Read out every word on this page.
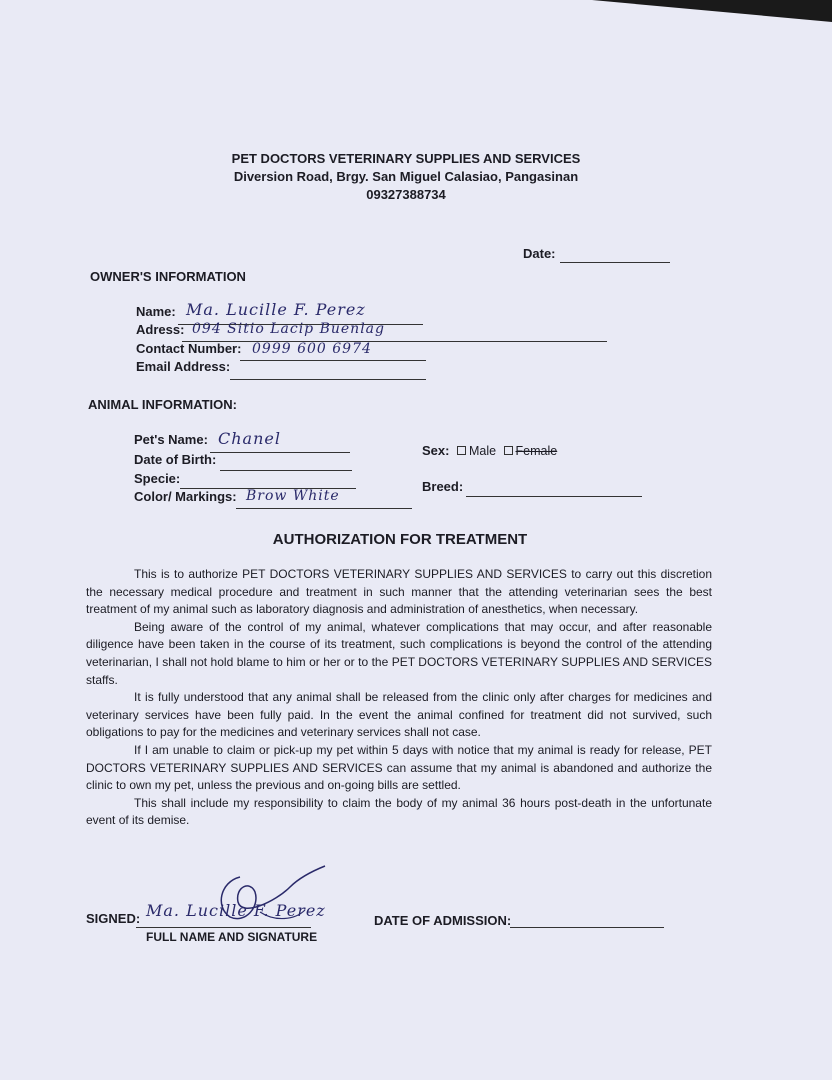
PET DOCTORS VETERINARY SUPPLIES AND SERVICES
Diversion Road, Brgy. San Miguel Calasiao, Pangasinan
09327388734
Date:
OWNER'S INFORMATION
Name: Ma. Lucille F. Perez
Adress: 094 Sitio Lacip Buenlag
Contact Number: 0999 600 6974
Email Address:
ANIMAL INFORMATION:
Pet's Name: Chanel
Date of Birth:
Specie:
Color/ Markings: Brow White
Sex: Male Female
Breed:
AUTHORIZATION FOR TREATMENT

This is to authorize PET DOCTORS VETERINARY SUPPLIES AND SERVICES to carry out this discretion the necessary medical procedure and treatment in such manner that the attending veterinarian sees the best treatment of my animal such as laboratory diagnosis and administration of anesthetics, when necessary.

Being aware of the control of my animal, whatever complications that may occur, and after reasonable diligence have been taken in the course of its treatment, such complications is beyond the control of the attending veterinarian, I shall not hold blame to him or her or to the PET DOCTORS VETERINARY SUPPLIES AND SERVICES staffs.

It is fully understood that any animal shall be released from the clinic only after charges for medicines and veterinary services have been fully paid. In the event the animal confined for treatment did not survived, such obligations to pay for the medicines and veterinary services shall not case.

If I am unable to claim or pick-up my pet within 5 days with notice that my animal is ready for release, PET DOCTORS VETERINARY SUPPLIES AND SERVICES can assume that my animal is abandoned and authorize the clinic to own my pet, unless the previous and on-going bills are settled.

This shall include my responsibility to claim the body of my animal 36 hours post-death in the unfortunate event of its demise.

SIGNED: Ma. Lucille F. Perez
FULL NAME AND SIGNATURE
DATE OF ADMISSION:
